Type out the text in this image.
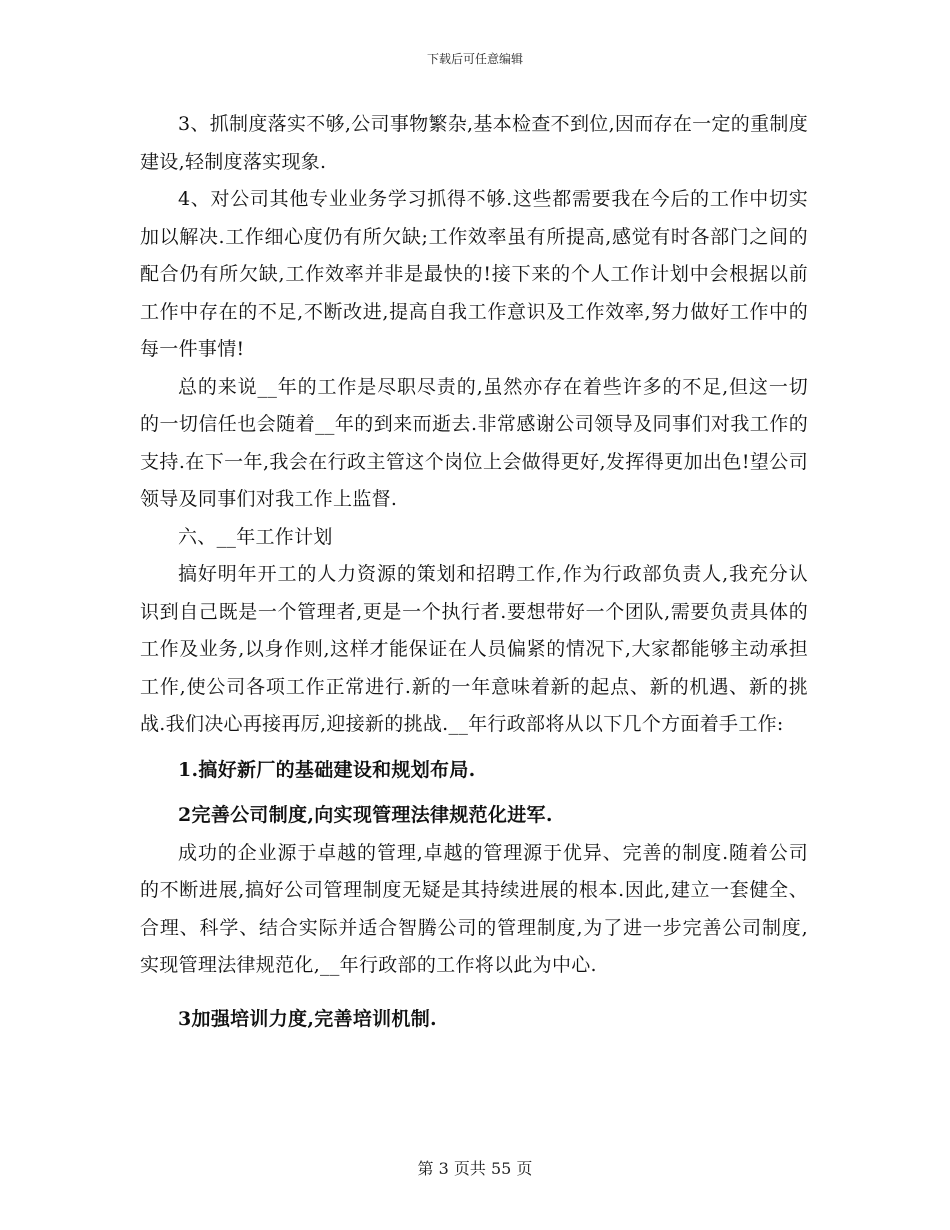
下载后可任意编辑

3、抓制度落实不够,公司事物繁杂,基本检查不到位,因而存在一定的重制度建设,轻制度落实现象.

4、对公司其他专业业务学习抓得不够.这些都需要我在今后的工作中切实加以解决.工作细心度仍有所欠缺;工作效率虽有所提高,感觉有时各部门之间的配合仍有所欠缺,工作效率并非是最快的!接下来的个人工作计划中会根据以前工作中存在的不足,不断改进,提高自我工作意识及工作效率,努力做好工作中的每一件事情!

总的来说__年的工作是尽职尽责的,虽然亦存在着些许多的不足,但这一切的一切信任也会随着__年的到来而逝去.非常感谢公司领导及同事们对我工作的支持.在下一年,我会在行政主管这个岗位上会做得更好,发挥得更加出色!望公司领导及同事们对我工作上监督.

六、__年工作计划

搞好明年开工的人力资源的策划和招聘工作,作为行政部负责人,我充分认识到自己既是一个管理者,更是一个执行者.要想带好一个团队,需要负责具体的工作及业务,以身作则,这样才能保证在人员偏紧的情况下,大家都能够主动承担工作,使公司各项工作正常进行.新的一年意味着新的起点、新的机遇、新的挑战.我们决心再接再厉,迎接新的挑战.__年行政部将从以下几个方面着手工作:

1.搞好新厂的基础建设和规划布局.

2完善公司制度,向实现管理法律规范化进军.

成功的企业源于卓越的管理,卓越的管理源于优异、完善的制度.随着公司的不断进展,搞好公司管理制度无疑是其持续进展的根本.因此,建立一套健全、合理、科学、结合实际并适合智腾公司的管理制度,为了进一步完善公司制度,实现管理法律规范化,__年行政部的工作将以此为中心.

3加强培训力度,完善培训机制.

第 3 页共 55 页
